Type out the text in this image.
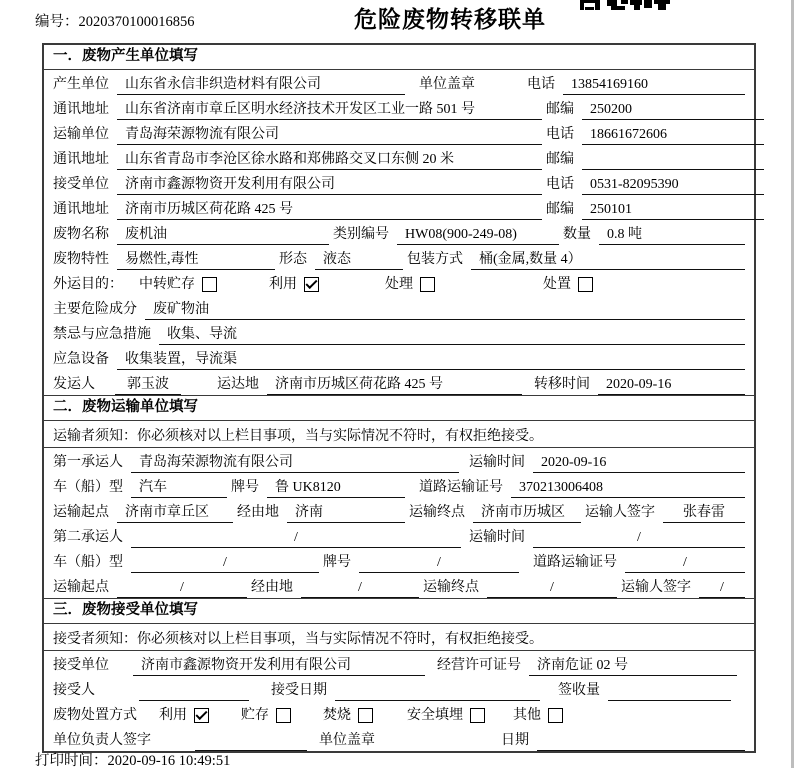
编号：2020370100016856	危险废物转移联单
一．废物产生单位填写
产生单位	山东省永信非织造材料有限公司	单位盖章	电话	13854169160
通讯地址	山东省济南市章丘区明水经济技术开发区工业一路 501 号	邮编	250200
运输单位	青岛海荣源物流有限公司	电话	18661672606
通讯地址	山东省青岛市李沧区徐水路和郑佛路交叉口东侧 20 米	邮编
接受单位	济南市鑫源物资开发利用有限公司	电话	0531-82095390
通讯地址	济南市历城区荷花路 425 号	邮编	250101
废物名称	废机油	类别编号	HW08(900-249-08)	数量	0.8 吨
废物特性	易燃性,毒性	形态	液态	包装方式	桶(金属,数量 4）
外运目的： 中转贮存	利用	处理	处置
主要危险成分	废矿物油
禁忌与应急措施	收集、导流
应急设备	收集装置，导流渠
发运人	郭玉波	运达地	济南市历城区荷花路 425 号	转移时间	2020-09-16
二．废物运输单位填写
运输者须知：你必须核对以上栏目事项，当与实际情况不符时，有权拒绝接受。
第一承运人	青岛海荣源物流有限公司	运输时间	2020-09-16
车（船）型	汽车	牌号	鲁 UK8120	道路运输证号	370213006408
运输起点	济南市章丘区	经由地	济南	运输终点	济南市历城区	运输人签字	张春雷
第二承运人	/	运输时间	/
车（船）型	/	牌号	/	道路运输证号	/
运输起点	/	经由地	/	运输终点	/	运输人签字	/
三．废物接受单位填写
接受者须知：你必须核对以上栏目事项，当与实际情况不符时，有权拒绝接受。
接受单位	济南市鑫源物资开发利用有限公司	经营许可证号	济南危证 02 号
接受人	接受日期	签收量
废物处置方式 利用	贮存	焚烧	安全填埋	其他
单位负责人签字	单位盖章	日期
打印时间：2020-09-16 10:49:51
